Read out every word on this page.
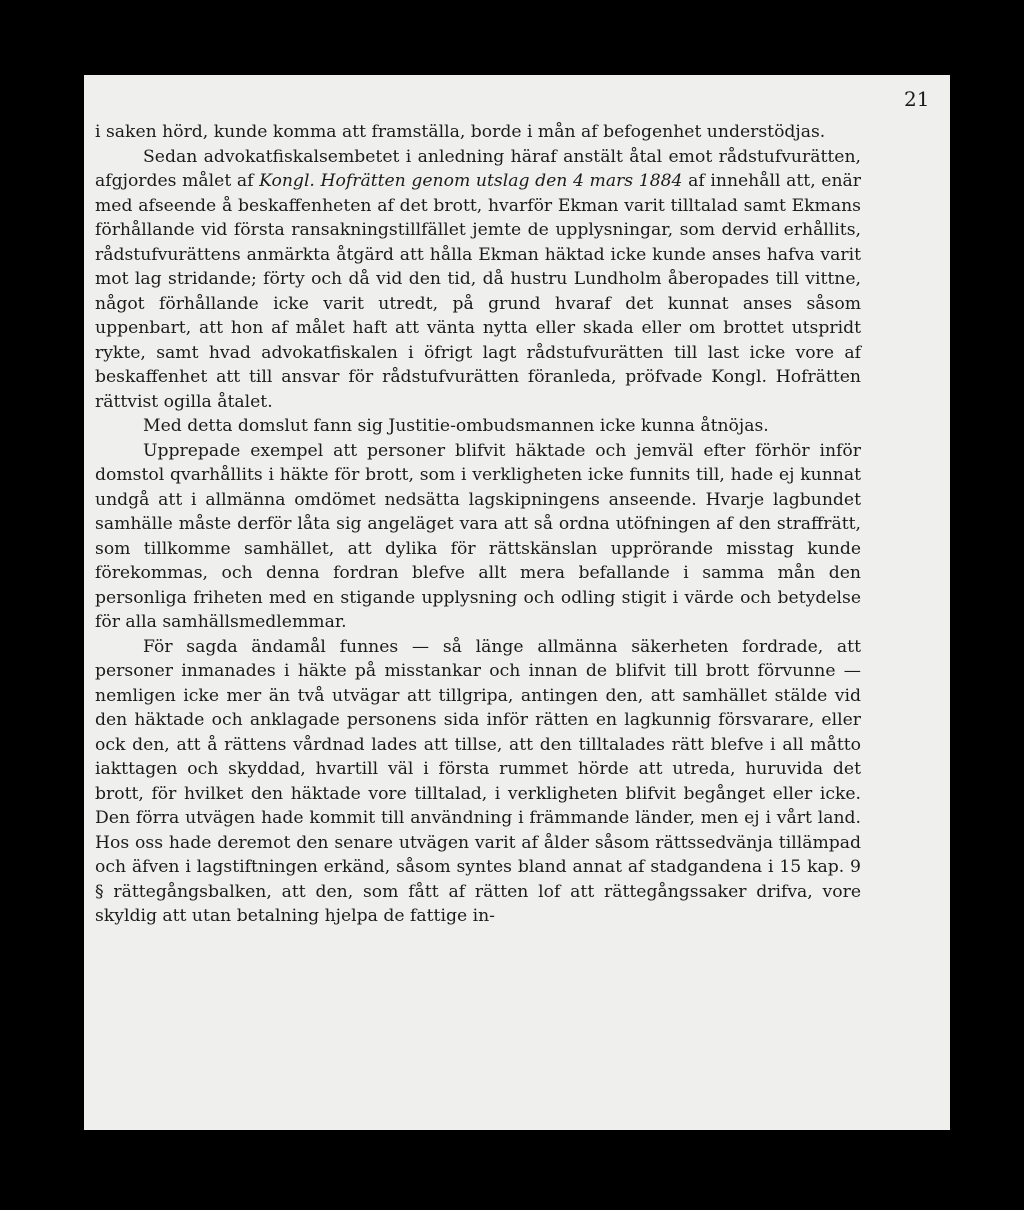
21

i saken hörd, kunde komma att framställa, borde i mån af befogenhet understödjas.

Sedan advokatfiskalsembetet i anledning häraf anstält åtal emot rådstufvurätten, afgjordes målet af Kongl. Hofrätten genom utslag den 4 mars 1884 af innehåll att, enär med afseende å beskaffenheten af det brott, hvarför Ekman varit tilltalad samt Ekmans förhållande vid första ransakningstillfället jemte de upplysningar, som dervid erhållits, rådstufvurättens anmärkta åtgärd att hålla Ekman häktad icke kunde anses hafva varit mot lag stridande; förty och då vid den tid, då hustru Lundholm åberopades till vittne, något förhållande icke varit utredt, på grund hvaraf det kunnat anses såsom uppenbart, att hon af målet haft att vänta nytta eller skada eller om brottet utspridt rykte, samt hvad advokatfiskalen i öfrigt lagt rådstufvurätten till last icke vore af beskaffenhet att till ansvar för rådstufvurätten föranleda, pröfvade Kongl. Hofrätten rättvist ogilla åtalet.

Med detta domslut fann sig Justitie-ombudsmannen icke kunna åtnöjas.

Upprepade exempel att personer blifvit häktade och jemväl efter förhör inför domstol qvarhållits i häkte för brott, som i verkligheten icke funnits till, hade ej kunnat undgå att i allmänna omdömet nedsätta lagskipningens anseende. Hvarje lagbundet samhälle måste derför låta sig angeläget vara att så ordna utöfningen af den straffrätt, som tillkomme samhället, att dylika för rättskänslan upprörande misstag kunde förekommas, och denna fordran blefve allt mera befallande i samma mån den personliga friheten med en stigande upplysning och odling stigit i värde och betydelse för alla samhällsmedlemmar.

För sagda ändamål funnes — så länge allmänna säkerheten fordrade, att personer inmanades i häkte på misstankar och innan de blifvit till brott förvunne — nemligen icke mer än två utvägar att tillgripa, antingen den, att samhället stälde vid den häktade och anklagade personens sida inför rätten en lagkunnig försvarare, eller ock den, att å rättens vårdnad lades att tillse, att den tilltalades rätt blefve i all måtto iakttagen och skyddad, hvartill väl i första rummet hörde att utreda, huruvida det brott, för hvilket den häktade vore tilltalad, i verkligheten blifvit begånget eller icke. Den förra utvägen hade kommit till användning i främmande länder, men ej i vårt land. Hos oss hade deremot den senare utvägen varit af ålder såsom rättssedvänja tillämpad och äfven i lagstiftningen erkänd, såsom syntes bland annat af stadgandena i 15 kap. 9 § rättegångsbalken, att den, som fått af rätten lof att rättegångssaker drifva, vore skyldig att utan betalning hjelpa de fattige in-
